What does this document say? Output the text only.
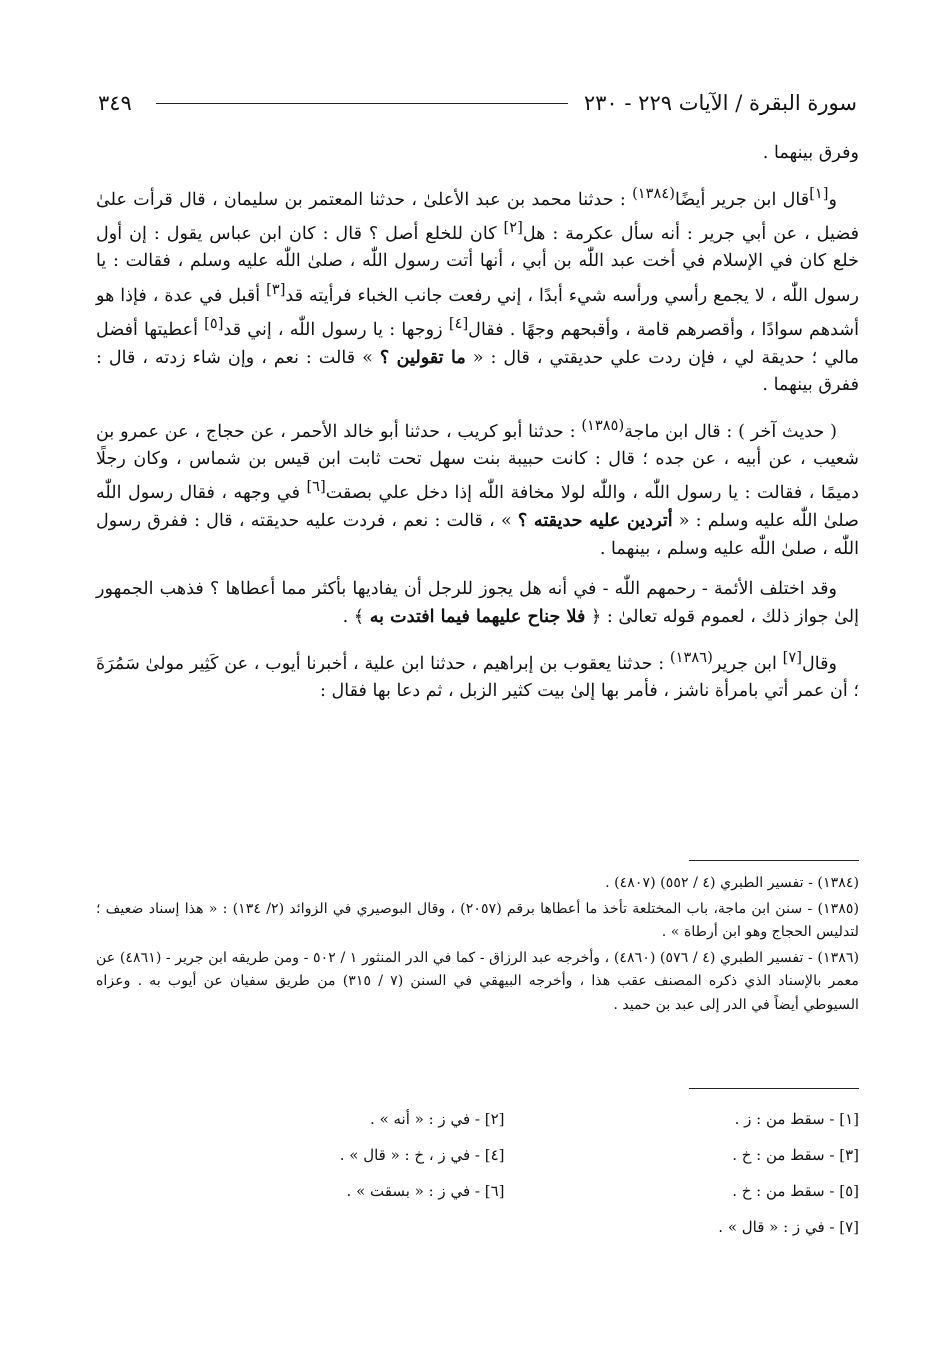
سورة البقرة / الآيات ٢٢٩ - ٢٣٠
٣٤٩

وفرق بينهما .

و[١]قال ابن جرير أيضًا$^{(١٣٨٤)}$ : حدثنا محمد بن عبد الأعلىٰ ، حدثنا المعتمر بن سليمان ، قال قرأت علىٰ فضيل ، عن أبي جرير : أنه سأل عكرمة : هل[٢] كان للخلع أصل ؟ قال : كان ابن عباس يقول : إن أول خلع كان في الإسلام في أخت عبد اللّٰه بن أبي ، أنها أتت رسول اللّٰه ، صلىٰ اللّٰه عليه وسلم ، فقالت : يا رسول اللّٰه ، لا يجمع رأسي ورأسه شيء أبدًا ، إني رفعت جانب الخباء فرأيته قد[٣] أقبل في عدة ، فإذا هو أشدهم سوادًا ، وأقصرهم قامة ، وأقبحهم وجهًا . فقال[٤] زوجها : يا رسول اللّٰه ، إني قد[٥] أعطيتها أفضل مالي ؛ حديقة لي ، فإن ردت علي حديقتي ، قال : « ما تقولين ؟ » قالت : نعم ، وإن شاء زدته ، قال : ففرق بينهما .

( حديث آخر ) : قال ابن ماجة$^{(١٣٨٥)}$ : حدثنا أبو كريب ، حدثنا أبو خالد الأحمر ، عن حجاج ، عن عمرو بن شعيب ، عن أبيه ، عن جده ؛ قال : كانت حبيبة بنت سهل تحت ثابت ابن قيس بن شماس ، وكان رجلًا دميمًا ، فقالت : يا رسول اللّٰه ، واللّٰه لولا مخافة اللّٰه إذا دخل علي بصقت[٦] في وجهه ، فقال رسول اللّٰه صلىٰ اللّٰه عليه وسلم : « أتردين عليه حديقته ؟ » ، قالت : نعم ، فردت عليه حديقته ، قال : ففرق رسول اللّٰه ، صلىٰ اللّٰه عليه وسلم ، بينهما .

وقد اختلف الأئمة - رحمهم اللّٰه - في أنه هل يجوز للرجل أن يفاديها بأكثر مما أعطاها ؟ فذهب الجمهور إلىٰ جواز ذلك ، لعموم قوله تعالىٰ : ﴿ فلا جناح عليهما فيما افتدت به ﴾ .

وقال[٧] ابن جرير$^{(١٣٨٦)}$ : حدثنا يعقوب بن إبراهيم ، حدثنا ابن علية ، أخبرنا أيوب ، عن كَثِير مولىٰ سَمُرَةَ ؛ أن عمر أتي بامرأة ناشز ، فأمر بها إلىٰ بيت كثير الزبل ، ثم دعا بها فقال :

(١٣٨٤) - تفسير الطبري (٤ / ٥٥٢) (٤٨٠٧) .

(١٣٨٥) - سنن ابن ماجة، باب المختلعة تأخذ ما أعطاها برقم (٢٠٥٧) ، وقال البوصيري في الزوائد (٢/ ١٣٤) : « هذا إسناد ضعيف ؛ لتدليس الحجاج وهو ابن أرطاة » .

(١٣٨٦) - تفسير الطبري (٤ / ٥٧٦) (٤٨٦٠) ، وأخرجه عبد الرزاق - كما في الدر المنثور ١ / ٥٠٢ - ومن طريقه ابن جرير - (٤٨٦١) عن معمر بالإسناد الذي ذكره المصنف عقب هذا ، وأخرجه البيهقي في السنن (٧ / ٣١٥) من طريق سفيان عن أيوب به . وعزاه السيوطي أيضاً في الدر إلى عبد بن حميد .

[١] - سقط من : ز .
[٢] - في ز : « أنه » .
[٣] - سقط من : خ .
[٤] - في ز ، خ : « قال » .
[٥] - سقط من : خ .
[٦] - في ز : « بسقت » .
[٧] - في ز : « قال » .
